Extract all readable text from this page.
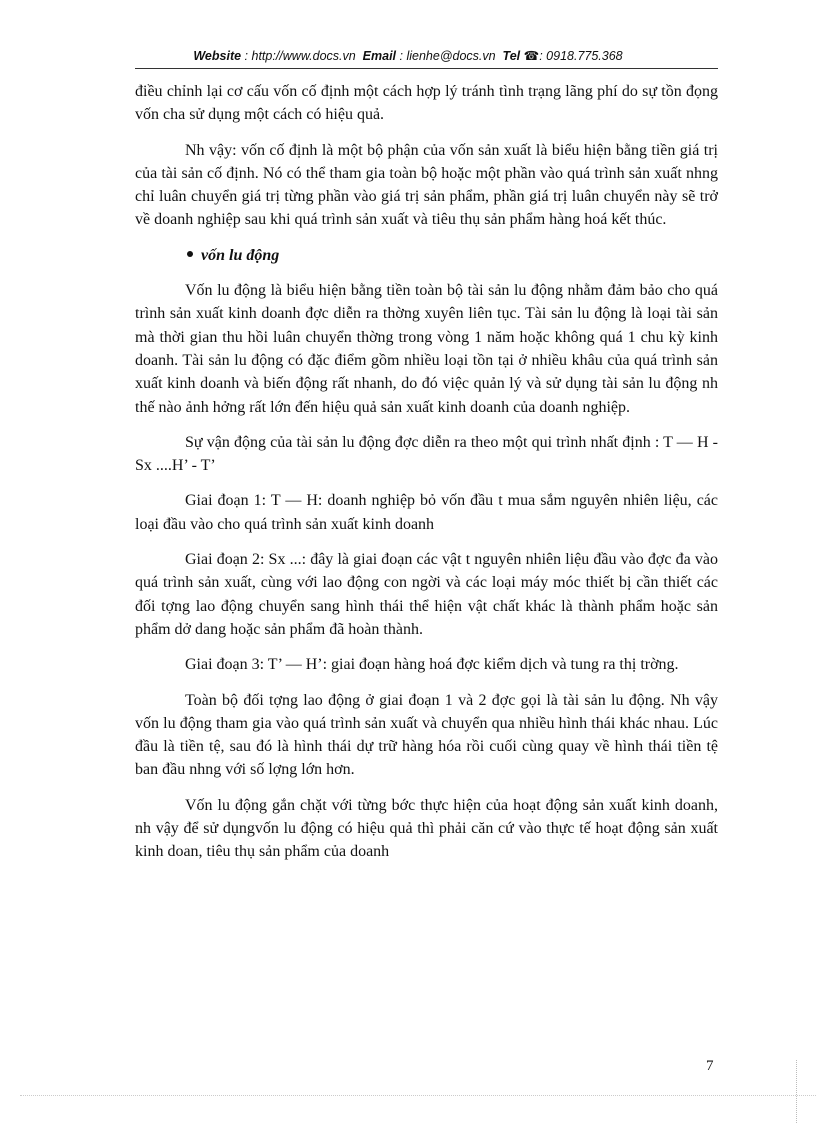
Website : http://www.docs.vn Email : lienhe@docs.vn Tel ☎: 0918.775.368

điều chỉnh lại cơ cấu vốn cố định một cách hợp lý tránh tình trạng lãng phí do sự tồn đọng vốn cha sử dụng một cách có hiệu quả.

Nh vậy: vốn cố định là một bộ phận của vốn sản xuất là biểu hiện bằng tiền giá trị của tài sản cố định. Nó có thể tham gia toàn bộ hoặc một phần vào quá trình sản xuất nhng chỉ luân chuyển giá trị từng phần vào giá trị sản phẩm, phần giá trị luân chuyển này sẽ trở về doanh nghiệp sau khi quá trình sản xuất và tiêu thụ sản phẩm hàng hoá kết thúc.

vốn lu động

Vốn lu động là biểu hiện bằng tiền toàn bộ tài sản lu động nhằm đảm bảo cho quá trình sản xuất kinh doanh đợc diễn ra thờng xuyên liên tục. Tài sản lu động là loại tài sản mà thời gian thu hồi luân chuyển thờng trong vòng 1 năm hoặc không quá 1 chu kỳ kinh doanh. Tài sản lu động có đặc điểm gồm nhiều loại tồn tại ở nhiều khâu của quá trình sản xuất kinh doanh và biến động rất nhanh, do đó việc quản lý và sử dụng tài sản lu động nh thế nào ảnh hởng rất lớn đến hiệu quả sản xuất kinh doanh của doanh nghiệp.

Sự vận động của tài sản lu động đợc diễn ra theo một qui trình nhất định : T — H - Sx ....H’ - T’

Giai đoạn 1: T — H: doanh nghiệp bỏ vốn đầu t mua sắm nguyên nhiên liệu, các loại đầu vào cho quá trình sản xuất kinh doanh

Giai đoạn 2: Sx ...: đây là giai đoạn các vật t nguyên nhiên liệu đầu vào đợc đa vào quá trình sản xuất, cùng với lao động con ngời và các loại máy móc thiết bị cần thiết các đối tợng lao động chuyển sang hình thái thể hiện vật chất khác là thành phẩm hoặc sản phẩm dở dang hoặc sản phẩm đã hoàn thành.

Giai đoạn 3: T’ — H’: giai đoạn hàng hoá đợc kiểm dịch và tung ra thị trờng.

Toàn bộ đối tợng lao động ở giai đoạn 1 và 2 đợc gọi là tài sản lu động. Nh vậy vốn lu động tham gia vào quá trình sản xuất và chuyển qua nhiều hình thái khác nhau. Lúc đầu là tiền tệ, sau đó là hình thái dự trữ hàng hóa rồi cuối cùng quay về hình thái tiền tệ ban đầu nhng với số lợng lớn hơn.

Vốn lu động gắn chặt với từng bớc thực hiện của hoạt động sản xuất kinh doanh, nh vậy để sử dụngvốn lu động có hiệu quả thì phải căn cứ vào thực tế hoạt động sản xuất kinh doan, tiêu thụ sản phẩm của doanh

7
